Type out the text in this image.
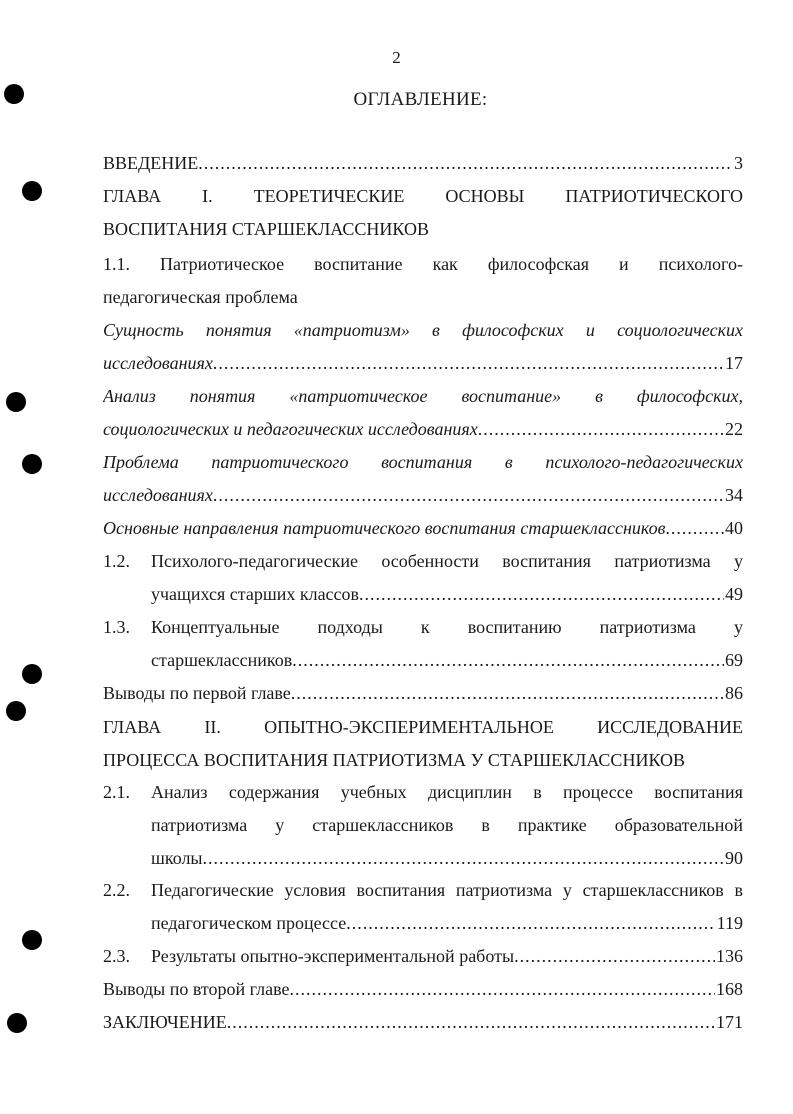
2
ОГЛАВЛЕНИЕ:
ВВЕДЕНИЕ .....	3
ГЛАВА I. ТЕОРЕТИЧЕСКИЕ ОСНОВЫ ПАТРИОТИЧЕСКОГО
ВОСПИТАНИЯ СТАРШЕКЛАССНИКОВ
1.1. Патриотическое воспитание как философская и психолого-
педагогическая проблема
Сущность понятия «патриотизм» в философских и социологических
исследованиях .....	17
Анализ понятия «патриотическое воспитание» в философских,
социологических и педагогических исследованиях .....	22
Проблема патриотического воспитания в психолого-педагогических
исследованиях .....	34
Основные направления патриотического воспитания старшеклассников .....	40
1.2. Психолого-педагогические особенности воспитания патриотизма у
учащихся старших классов .....	49
1.3. Концептуальные подходы к воспитанию патриотизма у
старшеклассников .....	69
Выводы по первой главе .....	86
ГЛАВА II. ОПЫТНО-ЭКСПЕРИМЕНТАЛЬНОЕ ИССЛЕДОВАНИЕ
ПРОЦЕССА ВОСПИТАНИЯ ПАТРИОТИЗМА У СТАРШЕКЛАССНИКОВ
2.1. Анализ содержания учебных дисциплин в процессе воспитания
патриотизма у старшеклассников в практике образовательной
школы .....	90
2.2. Педагогические условия воспитания патриотизма у старшеклассников в
педагогическом процессе .....	119
2.3. Результаты опытно-экспериментальной работы .....	136
Выводы по второй главе .....	168
ЗАКЛЮЧЕНИЕ .....	171
